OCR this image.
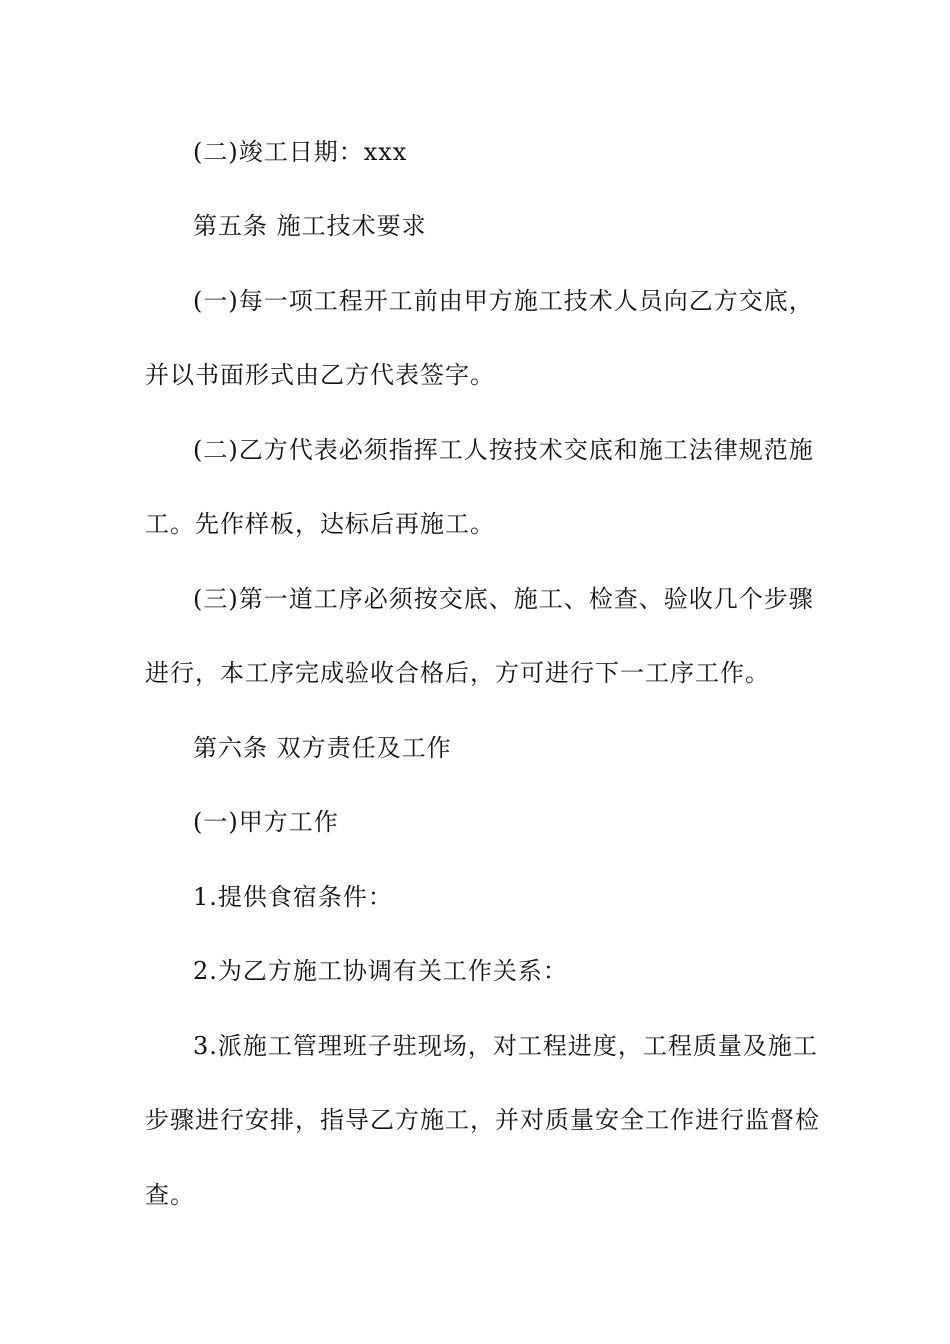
(二)竣工日期：xxx

第五条 施工技术要求

(一)每一项工程开工前由甲方施工技术人员向乙方交底，

并以书面形式由乙方代表签字。

(二)乙方代表必须指挥工人按技术交底和施工法律规范施

工。先作样板，达标后再施工。

(三)第一道工序必须按交底、施工、检查、验收几个步骤

进行，本工序完成验收合格后，方可进行下一工序工作。

第六条 双方责任及工作

(一)甲方工作

1.提供食宿条件：

2.为乙方施工协调有关工作关系：

3.派施工管理班子驻现场，对工程进度，工程质量及施工

步骤进行安排，指导乙方施工，并对质量安全工作进行监督检

查。
